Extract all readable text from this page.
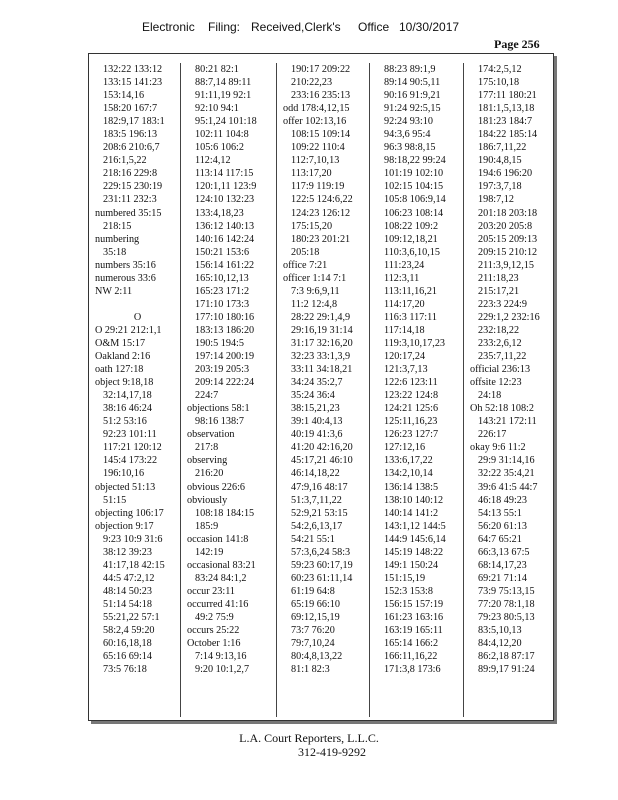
Electronic Filing: Received,Clerk's Office 10/30/2017
Page 256
132:22 133:12
133:15 141:23
153:14,16
158:20 167:7
182:9,17 183:1
183:5 196:13
208:6 210:6,7
216:1,5,22
218:16 229:8
229:15 230:19
231:11 232:3
numbered 35:15
218:15
numbering
35:18
numbers 35:16
numerous 33:6
NW 2:11
O
O 29:21 212:1,1
O&M 15:17
Oakland 2:16
oath 127:18
object 9:18,18
32:14,17,18
38:16 46:24
51:2 53:16
92:23 101:11
117:21 120:12
145:4 173:22
196:10,16
objected 51:13
51:15
objecting 106:17
objection 9:17
9:23 10:9 31:6
38:12 39:23
41:17,18 42:15
44:5 47:2,12
48:14 50:23
51:14 54:18
55:21,22 57:1
58:2,4 59:20
60:16,18,18
65:16 69:14
73:5 76:18
80:21 82:1
88:7,14 89:11
91:11,19 92:1
92:10 94:1
95:1,24 101:18
102:11 104:8
105:6 106:2
112:4,12
113:14 117:15
120:1,11 123:9
124:10 132:23
133:4,18,23
136:12 140:13
140:16 142:24
150:21 153:6
156:14 161:22
165:10,12,13
165:23 171:2
171:10 173:3
177:10 180:16
183:13 186:20
190:5 194:5
197:14 200:19
203:19 205:3
209:14 222:24
224:7
objections 58:1
98:16 138:7
observation
217:8
observing
216:20
obvious 226:6
obviously
108:18 184:15
185:9
occasion 141:8
142:19
occasional 83:21
83:24 84:1,2
occur 23:11
occurred 41:16
49:2 75:9
occurs 25:22
October 1:16
7:14 9:13,16
9:20 10:1,2,7
190:17 209:22
210:22,23
233:16 235:13
odd 178:4,12,15
offer 102:13,16
108:15 109:14
109:22 110:4
112:7,10,13
113:17,20
117:9 119:19
122:5 124:6,22
124:23 126:12
175:15,20
180:23 201:21
205:18
office 7:21
officer 1:14 7:1
7:3 9:6,9,11
11:2 12:4,8
28:22 29:1,4,9
29:16,19 31:14
31:17 32:16,20
32:23 33:1,3,9
33:11 34:18,21
34:24 35:2,7
35:24 36:4
38:15,21,23
39:1 40:4,13
40:19 41:3,6
41:20 42:16,20
45:17,21 46:10
46:14,18,22
47:9,16 48:17
51:3,7,11,22
52:9,21 53:15
54:2,6,13,17
54:21 55:1
57:3,6,24 58:3
59:23 60:17,19
60:23 61:11,14
61:19 64:8
65:19 66:10
69:12,15,19
73:7 76:20
79:7,10,24
80:4,8,13,22
81:1 82:3
88:23 89:1,9
89:14 90:5,11
90:16 91:9,21
91:24 92:5,15
92:24 93:10
94:3,6 95:4
96:3 98:8,15
98:18,22 99:24
101:19 102:10
102:15 104:15
105:8 106:9,14
106:23 108:14
108:22 109:2
109:12,18,21
110:3,6,10,15
111:23,24
112:3,11
113:11,16,21
114:17,20
116:3 117:11
117:14,18
119:3,10,17,23
120:17,24
121:3,7,13
122:6 123:11
123:22 124:8
124:21 125:6
125:11,16,23
126:23 127:7
127:12,16
133:6,17,22
134:2,10,14
136:14 138:5
138:10 140:12
140:14 141:2
143:1,12 144:5
144:9 145:6,14
145:19 148:22
149:1 150:24
151:15,19
152:3 153:8
156:15 157:19
161:23 163:16
163:19 165:11
165:14 166:2
166:11,16,22
171:3,8 173:6
174:2,5,12
175:10,18
177:11 180:21
181:1,5,13,18
181:23 184:7
184:22 185:14
186:7,11,22
190:4,8,15
194:6 196:20
197:3,7,18
198:7,12
201:18 203:18
203:20 205:8
205:15 209:13
209:15 210:12
211:3,9,12,15
211:18,23
215:17,21
223:3 224:9
229:1,2 232:16
232:18,22
233:2,6,12
235:7,11,22
official 236:13
offsite 12:23
24:18
Oh 52:18 108:2
143:21 172:11
226:17
okay 9:6 11:2
29:9 31:14,16
32:22 35:4,21
39:6 41:5 44:7
46:18 49:23
54:13 55:1
56:20 61:13
64:7 65:21
66:3,13 67:5
68:14,17,23
69:21 71:14
73:9 75:13,15
77:20 78:1,18
79:23 80:5,13
83:5,10,13
84:4,12,20
86:2,18 87:17
89:9,17 91:24
L.A. Court Reporters, L.L.C.
312-419-9292
